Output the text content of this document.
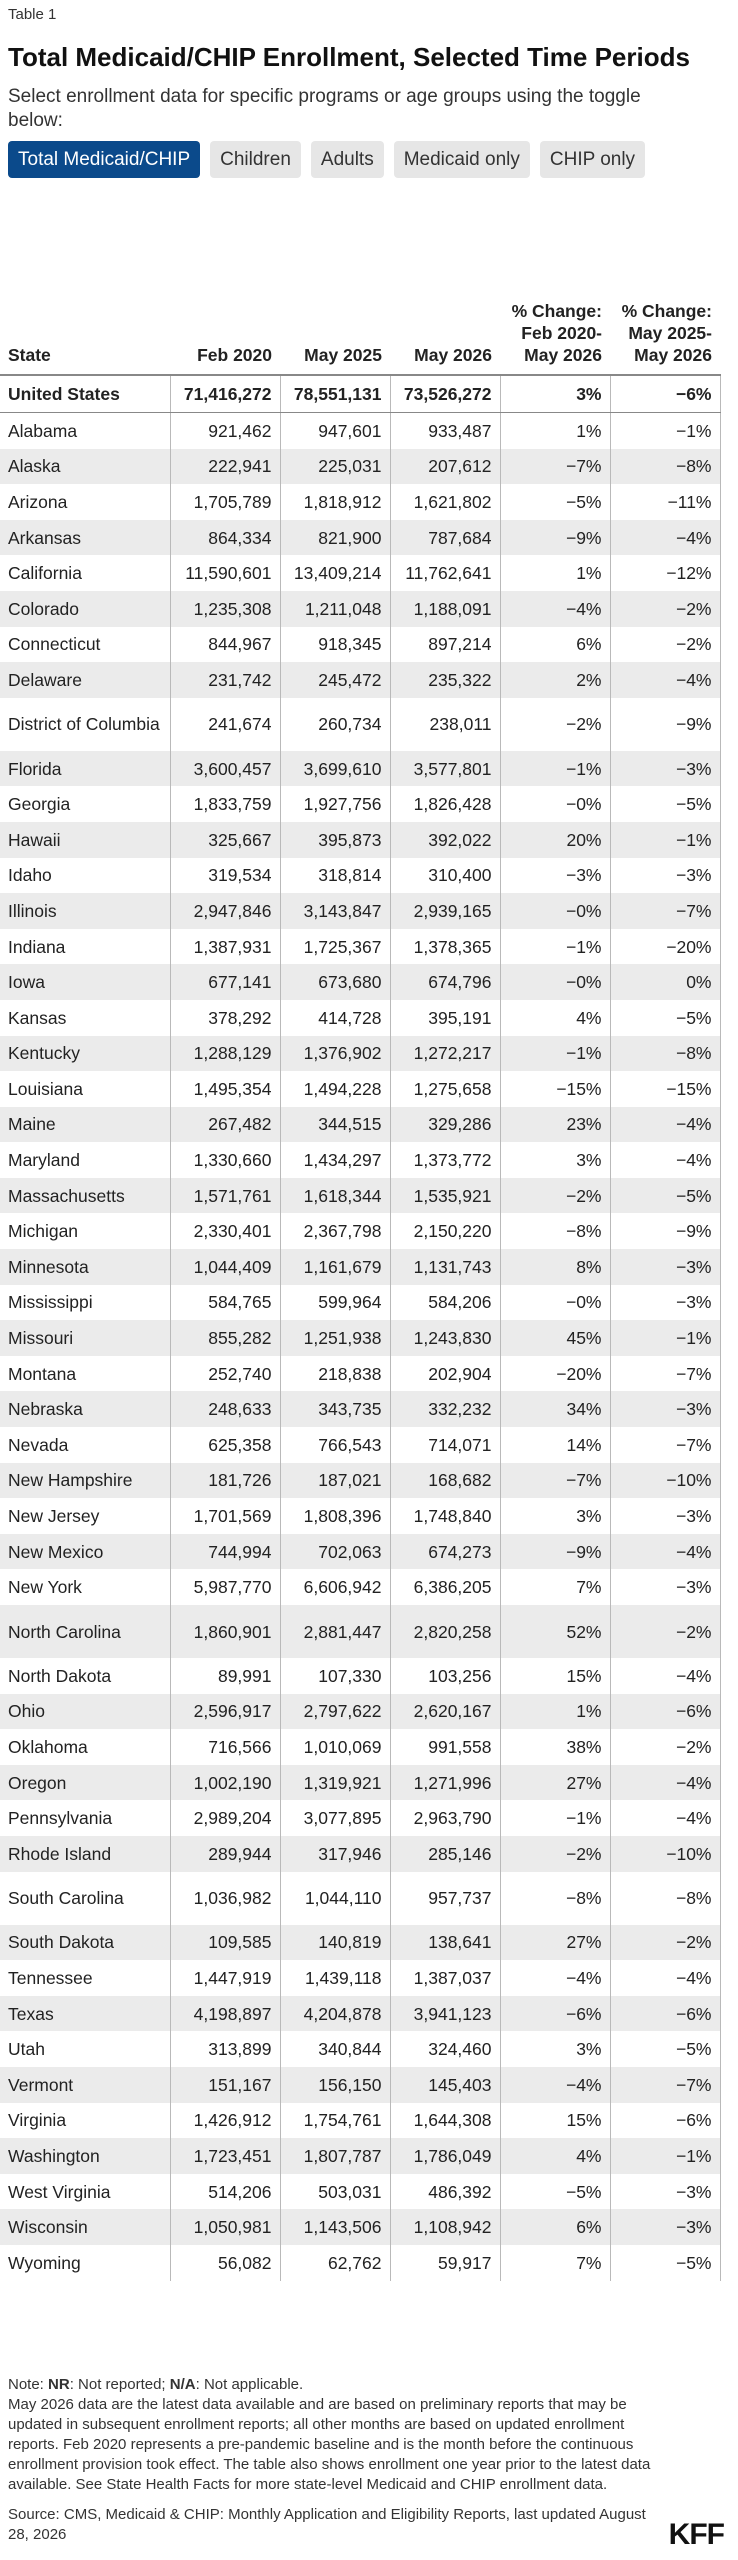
Table 1
Total Medicaid/CHIP Enrollment, Selected Time Periods
Select enrollment data for specific programs or age groups using the toggle below:
Total Medicaid/CHIP	Children	Adults	Medicaid only	CHIP only
State	Feb 2020	May 2025	May 2026	% Change: Feb 2020-May 2026	% Change: May 2025-May 2026
United States	71,416,272	78,551,131	73,526,272	3%	−6%
Alabama	921,462	947,601	933,487	1%	−1%
Alaska	222,941	225,031	207,612	−7%	−8%
Arizona	1,705,789	1,818,912	1,621,802	−5%	−11%
Arkansas	864,334	821,900	787,684	−9%	−4%
California	11,590,601	13,409,214	11,762,641	1%	−12%
Colorado	1,235,308	1,211,048	1,188,091	−4%	−2%
Connecticut	844,967	918,345	897,214	6%	−2%
Delaware	231,742	245,472	235,322	2%	−4%
District of Columbia	241,674	260,734	238,011	−2%	−9%
Florida	3,600,457	3,699,610	3,577,801	−1%	−3%
Georgia	1,833,759	1,927,756	1,826,428	−0%	−5%
Hawaii	325,667	395,873	392,022	20%	−1%
Idaho	319,534	318,814	310,400	−3%	−3%
Illinois	2,947,846	3,143,847	2,939,165	−0%	−7%
Indiana	1,387,931	1,725,367	1,378,365	−1%	−20%
Iowa	677,141	673,680	674,796	−0%	0%
Kansas	378,292	414,728	395,191	4%	−5%
Kentucky	1,288,129	1,376,902	1,272,217	−1%	−8%
Louisiana	1,495,354	1,494,228	1,275,658	−15%	−15%
Maine	267,482	344,515	329,286	23%	−4%
Maryland	1,330,660	1,434,297	1,373,772	3%	−4%
Massachusetts	1,571,761	1,618,344	1,535,921	−2%	−5%
Michigan	2,330,401	2,367,798	2,150,220	−8%	−9%
Minnesota	1,044,409	1,161,679	1,131,743	8%	−3%
Mississippi	584,765	599,964	584,206	−0%	−3%
Missouri	855,282	1,251,938	1,243,830	45%	−1%
Montana	252,740	218,838	202,904	−20%	−7%
Nebraska	248,633	343,735	332,232	34%	−3%
Nevada	625,358	766,543	714,071	14%	−7%
New Hampshire	181,726	187,021	168,682	−7%	−10%
New Jersey	1,701,569	1,808,396	1,748,840	3%	−3%
New Mexico	744,994	702,063	674,273	−9%	−4%
New York	5,987,770	6,606,942	6,386,205	7%	−3%
North Carolina	1,860,901	2,881,447	2,820,258	52%	−2%
North Dakota	89,991	107,330	103,256	15%	−4%
Ohio	2,596,917	2,797,622	2,620,167	1%	−6%
Oklahoma	716,566	1,010,069	991,558	38%	−2%
Oregon	1,002,190	1,319,921	1,271,996	27%	−4%
Pennsylvania	2,989,204	3,077,895	2,963,790	−1%	−4%
Rhode Island	289,944	317,946	285,146	−2%	−10%
South Carolina	1,036,982	1,044,110	957,737	−8%	−8%
South Dakota	109,585	140,819	138,641	27%	−2%
Tennessee	1,447,919	1,439,118	1,387,037	−4%	−4%
Texas	4,198,897	4,204,878	3,941,123	−6%	−6%
Utah	313,899	340,844	324,460	3%	−5%
Vermont	151,167	156,150	145,403	−4%	−7%
Virginia	1,426,912	1,754,761	1,644,308	15%	−6%
Washington	1,723,451	1,807,787	1,786,049	4%	−1%
West Virginia	514,206	503,031	486,392	−5%	−3%
Wisconsin	1,050,981	1,143,506	1,108,942	6%	−3%
Wyoming	56,082	62,762	59,917	7%	−5%
Note: NR: Not reported; N/A: Not applicable.
May 2026 data are the latest data available and are based on preliminary reports that may be updated in subsequent enrollment reports; all other months are based on updated enrollment reports. Feb 2020 represents a pre-pandemic baseline and is the month before the continuous enrollment provision took effect. The table also shows enrollment one year prior to the latest data available. See State Health Facts for more state-level Medicaid and CHIP enrollment data.
Source: CMS, Medicaid & CHIP: Monthly Application and Eligibility Reports, last updated August 28, 2026	KFF
